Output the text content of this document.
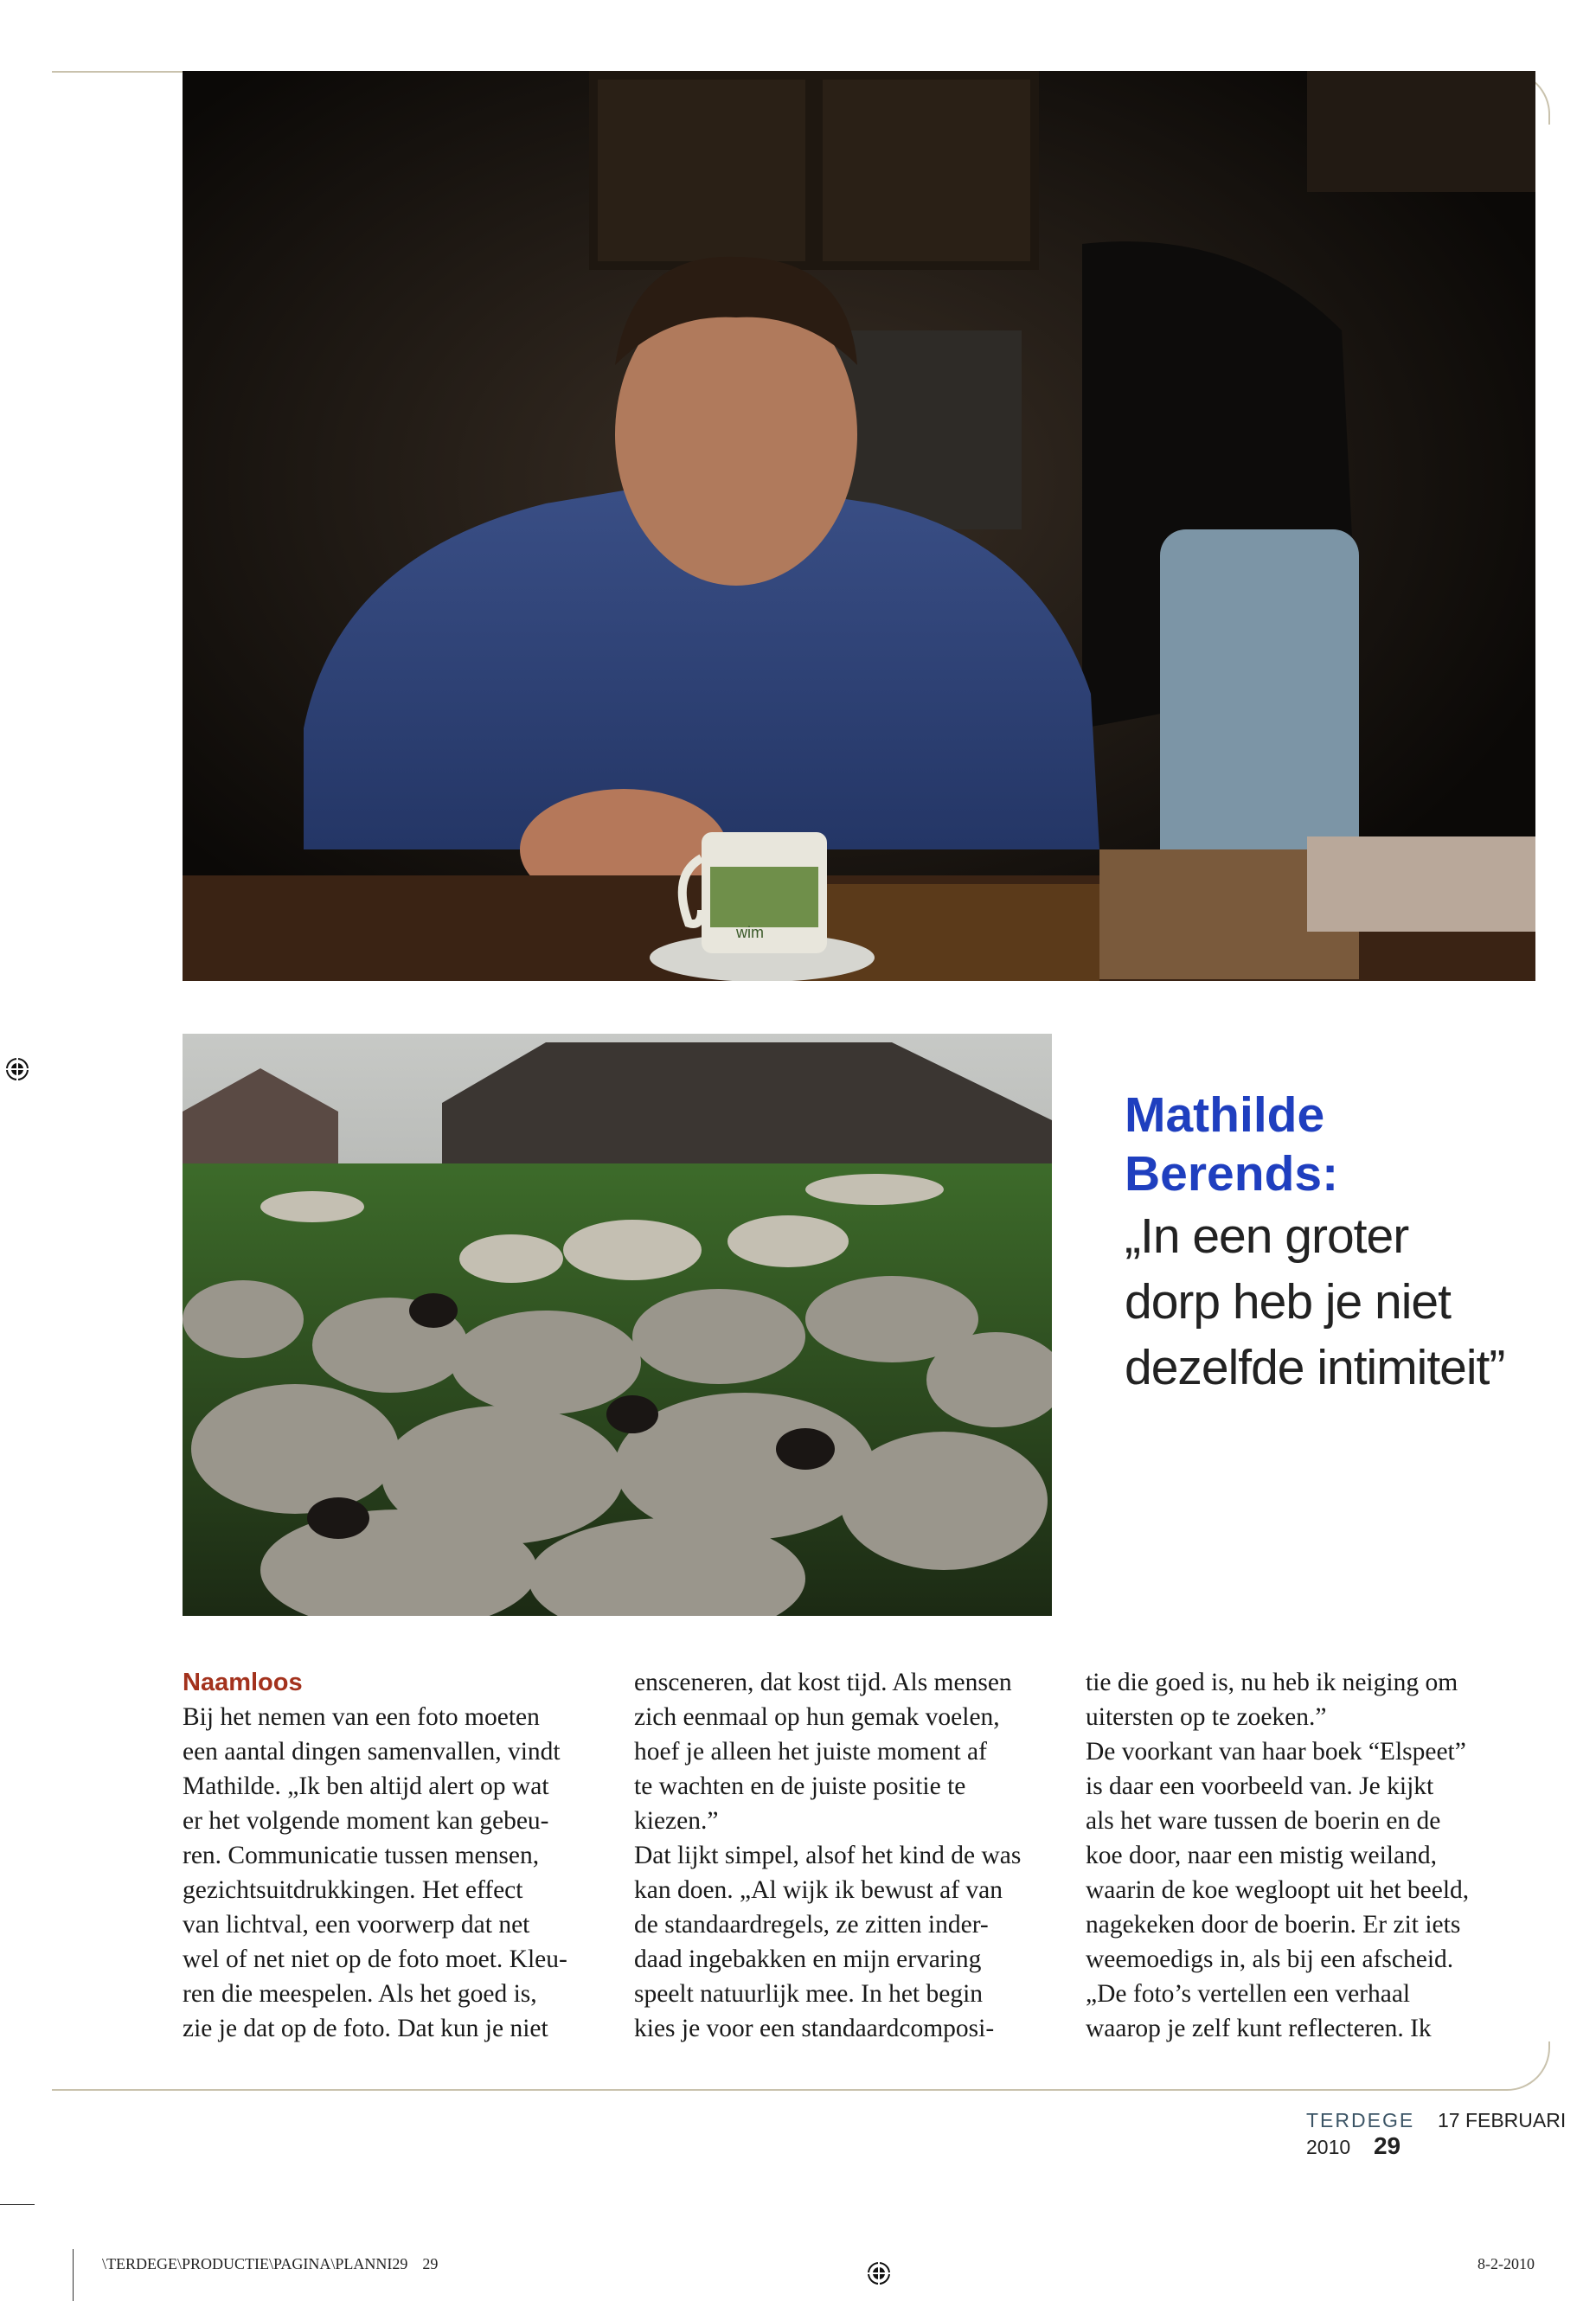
wim
Mathilde
Berends:
„In een groter
dorp heb je niet
dezelfde intimiteit”
Naamloos

Bij het nemen van een foto moeten

een aantal dingen samenvallen, vindt

Mathilde. „Ik ben altijd alert op wat

er het volgende moment kan gebeu-

ren. Communicatie tussen mensen,

gezichtsuitdrukkingen. Het effect

van lichtval, een voorwerp dat net

wel of net niet op de foto moet. Kleu-

ren die meespelen. Als het goed is,

zie je dat op de foto. Dat kun je niet

ensceneren, dat kost tijd. Als mensen

zich eenmaal op hun gemak voelen,

hoef je alleen het juiste moment af

te wachten en de juiste positie te

kiezen.”

Dat lijkt simpel, alsof het kind de was

kan doen. „Al wijk ik bewust af van

de standaardregels, ze zitten inder-

daad ingebakken en mijn ervaring

speelt natuurlijk mee. In het begin

kies je voor een standaardcomposi-

tie die goed is, nu heb ik neiging om

uitersten op te zoeken.”

De voorkant van haar boek “Elspeet”

is daar een voorbeeld van. Je kijkt

als het ware tussen de boerin en de

koe door, naar een mistig weiland,

waarin de koe wegloopt uit het beeld,

nagekeken door de boerin. Er zit iets

weemoedigs in, als bij een afscheid.

„De foto’s vertellen een verhaal

waarop je zelf kunt reflecteren. Ik

TERDEGE 17 FEBRUARI 2010 29
\TERDEGE\PRODUCTIE\PAGINA\PLANNI29 29	8-2-2010
